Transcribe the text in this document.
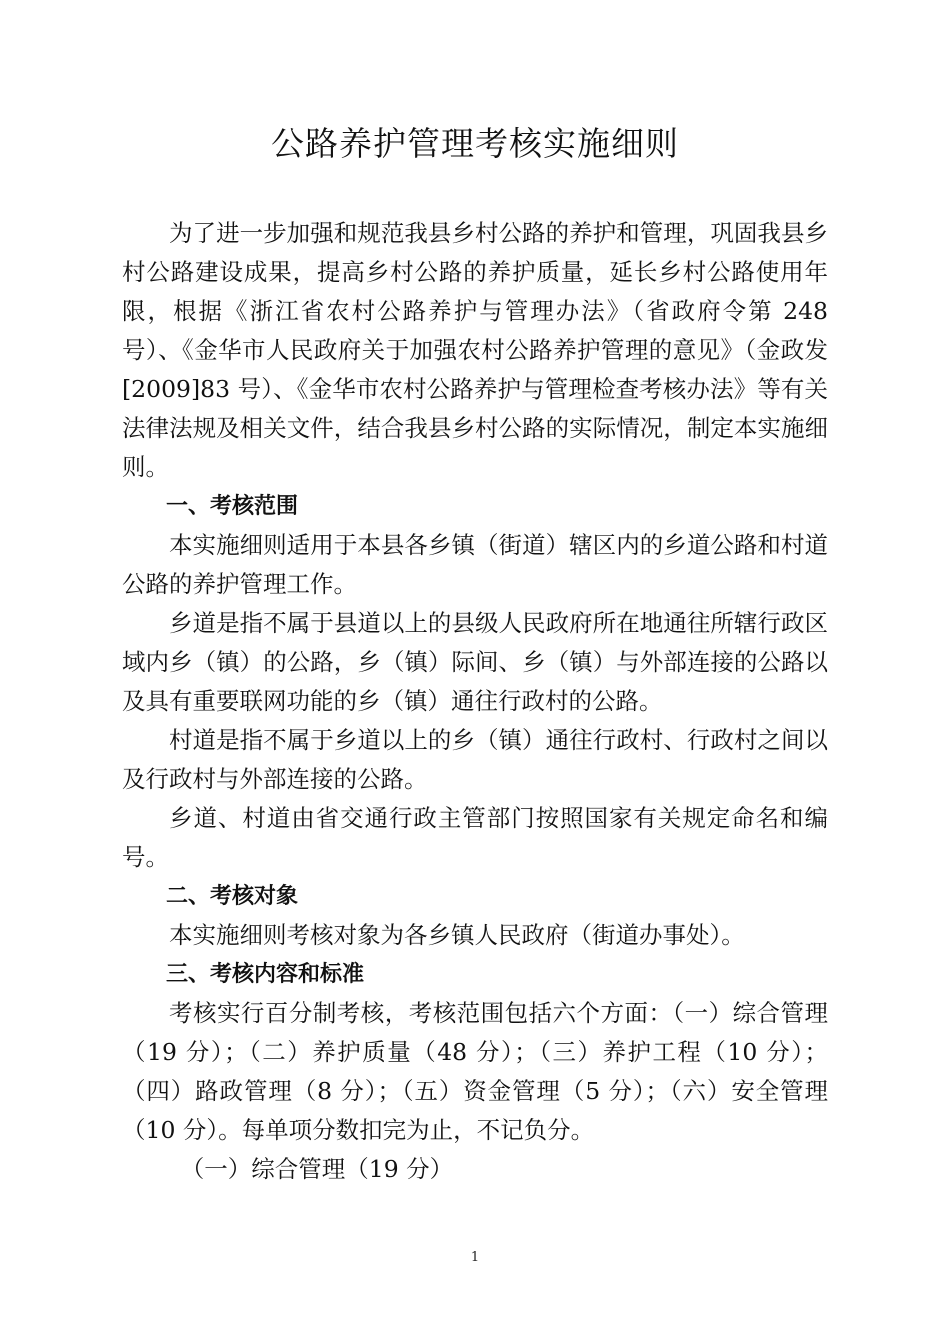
公路养护管理考核实施细则

为了进一步加强和规范我县乡村公路的养护和管理，巩固我县乡村公路建设成果，提高乡村公路的养护质量，延长乡村公路使用年限，根据《浙江省农村公路养护与管理办法》（省政府令第 248 号）、《金华市人民政府关于加强农村公路养护管理的意见》（金政发[2009]83 号）、《金华市农村公路养护与管理检查考核办法》等有关法律法规及相关文件，结合我县乡村公路的实际情况，制定本实施细则。

一、考核范围

本实施细则适用于本县各乡镇（街道）辖区内的乡道公路和村道公路的养护管理工作。

乡道是指不属于县道以上的县级人民政府所在地通往所辖行政区域内乡（镇）的公路，乡（镇）际间、乡（镇）与外部连接的公路以及具有重要联网功能的乡（镇）通往行政村的公路。

村道是指不属于乡道以上的乡（镇）通往行政村、行政村之间以及行政村与外部连接的公路。

乡道、村道由省交通行政主管部门按照国家有关规定命名和编号。

二、考核对象

本实施细则考核对象为各乡镇人民政府（街道办事处）。

三、考核内容和标准

考核实行百分制考核，考核范围包括六个方面：（一）综合管理（19 分）；（二）养护质量（48 分）；（三）养护工程（10 分）；（四）路政管理（8 分）；（五）资金管理（5 分）；（六）安全管理（10 分）。每单项分数扣完为止，不记负分。

（一）综合管理（19 分）

1
